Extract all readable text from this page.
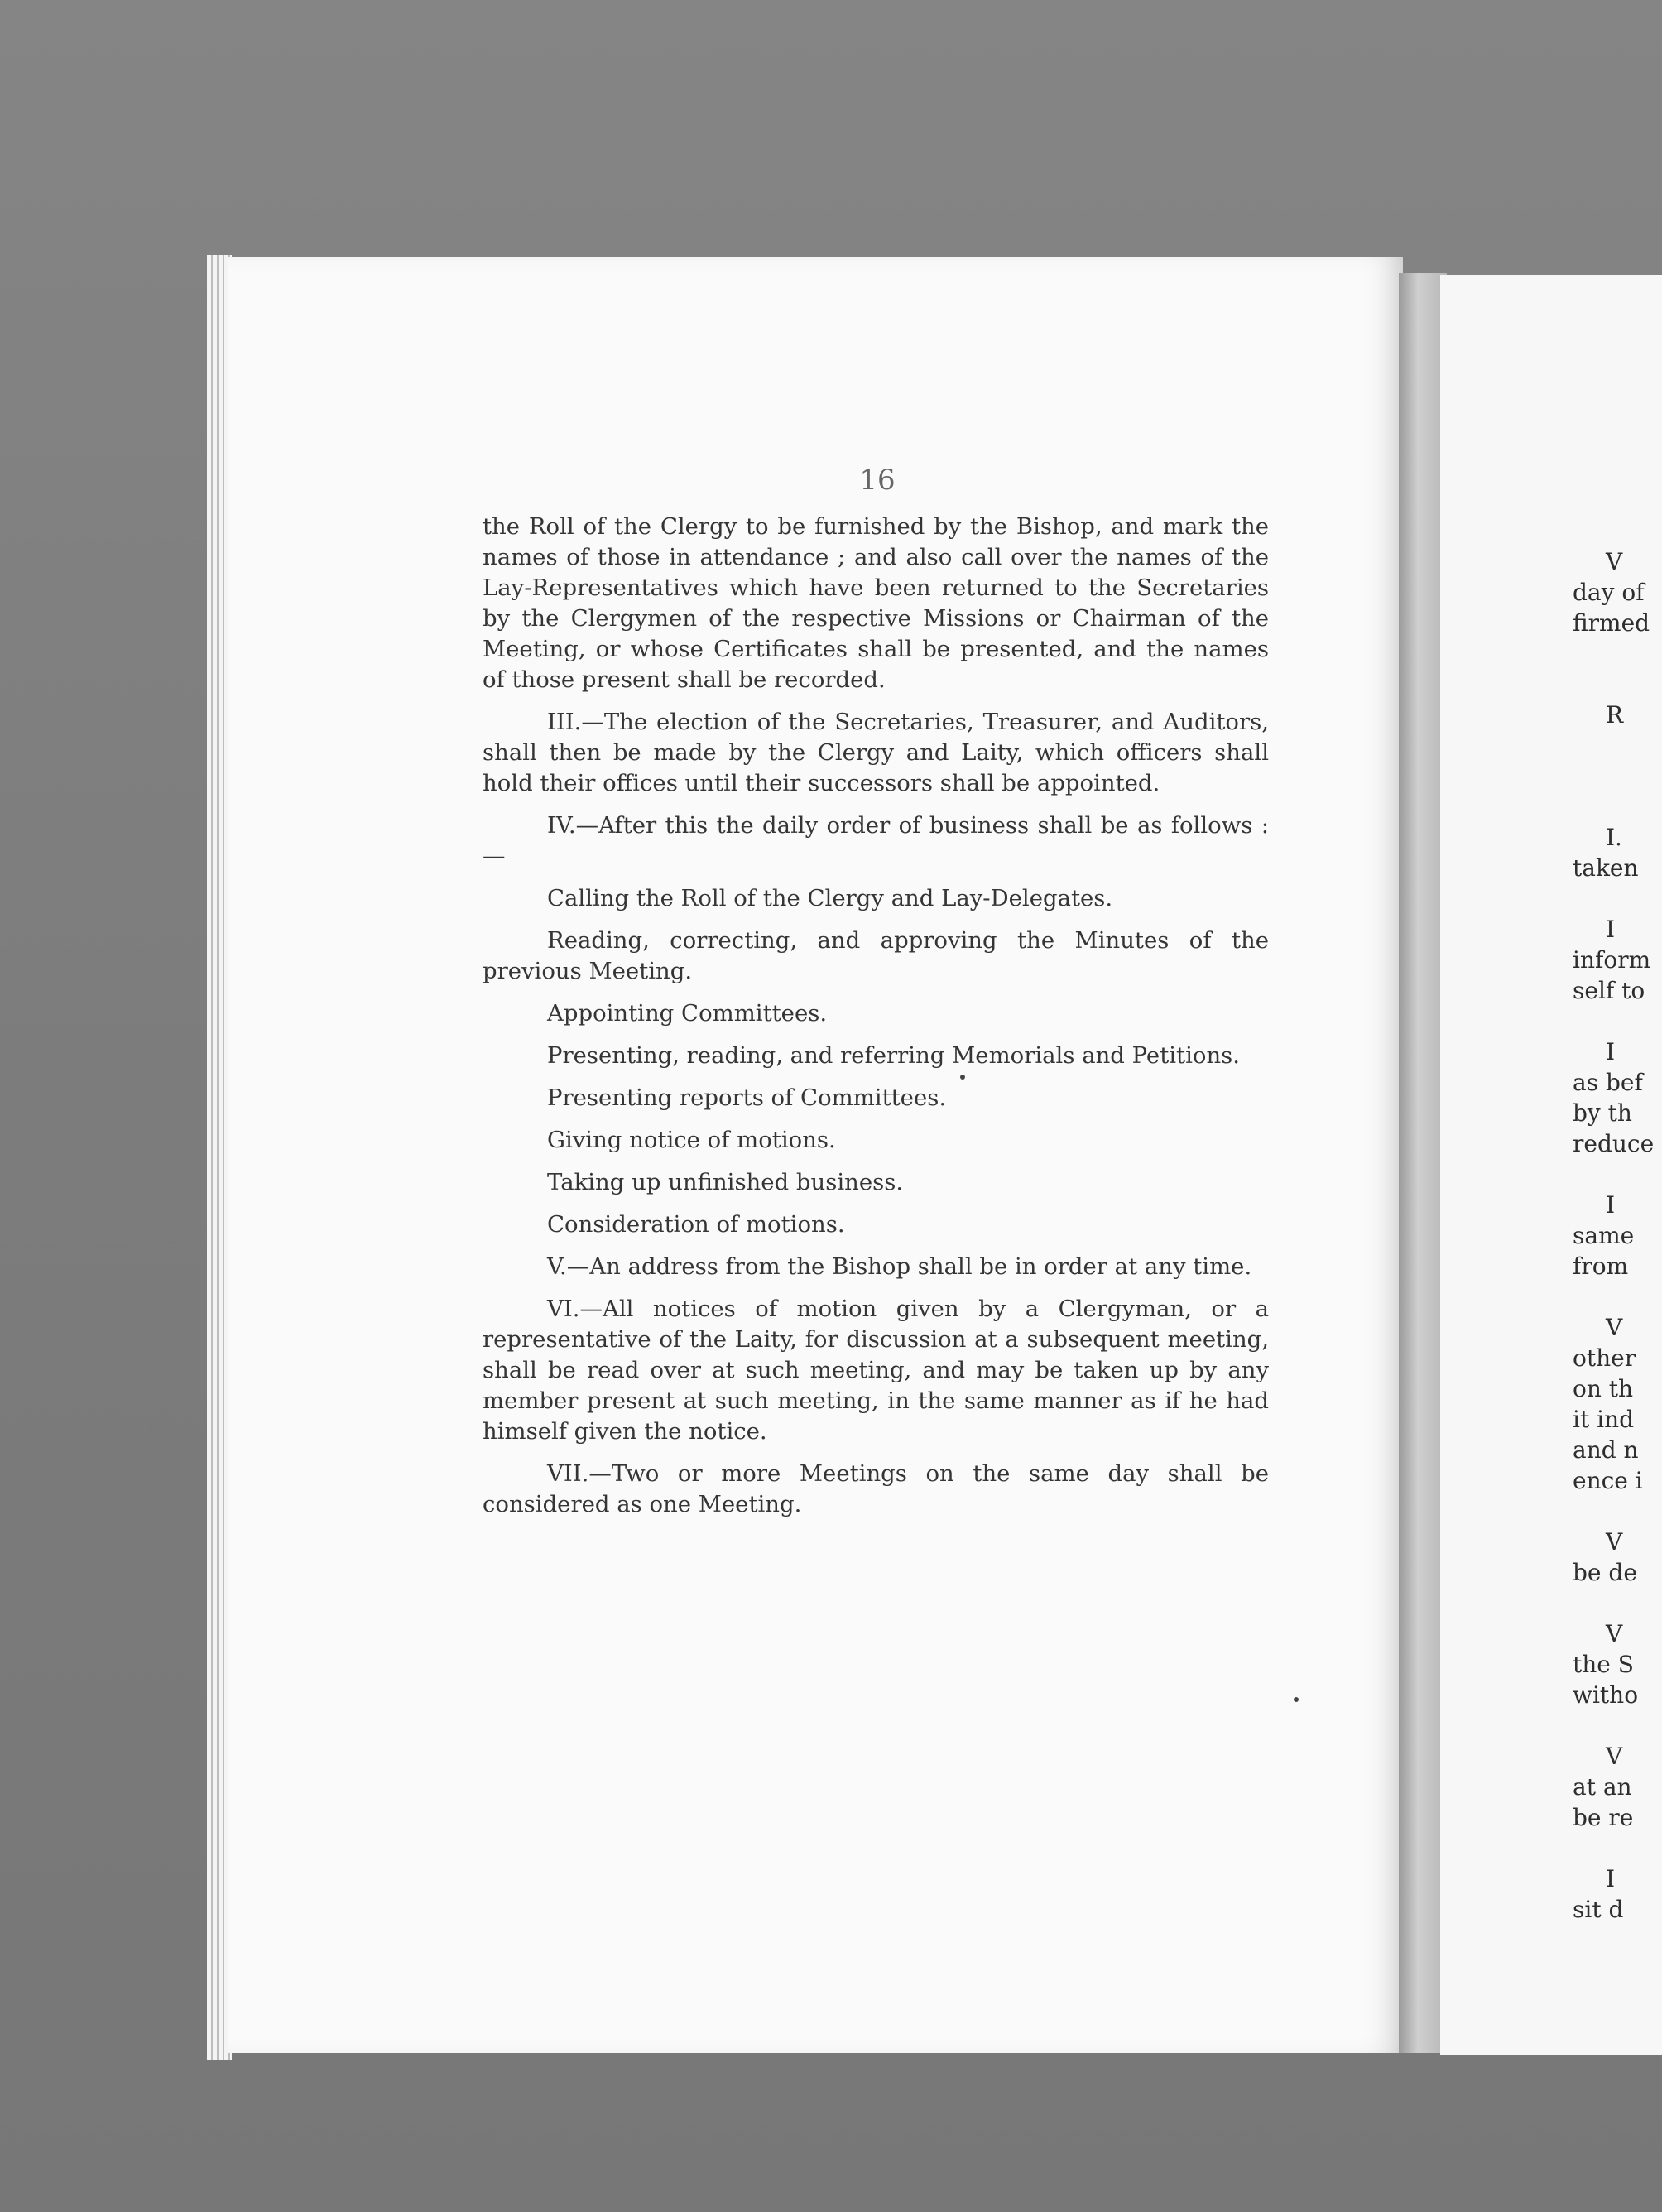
16

the Roll of the Clergy to be furnished by the Bishop, and mark the names of those in attendance ; and also call over the names of the Lay-Representatives which have been returned to the Secretaries by the Clergymen of the respective Missions or Chairman of the Meeting, or whose Certificates shall be presented, and the names of those present shall be recorded.

III.—The election of the Secretaries, Treasurer, and Auditors, shall then be made by the Clergy and Laity, which officers shall hold their offices until their successors shall be appointed.

IV.—After this the daily order of business shall be as follows :—

Calling the Roll of the Clergy and Lay-Delegates.

Reading, correcting, and approving the Minutes of the previous Meeting.

Appointing Committees.

Presenting, reading, and referring Memorials and Petitions.

Presenting reports of Committees.

Giving notice of motions.

Taking up unfinished business.

Consideration of motions.

V.—An address from the Bishop shall be in order at any time.

VI.—All notices of motion given by a Clergyman, or a representative of the Laity, for discussion at a subsequent meeting, shall be read over at such meeting, and may be taken up by any member present at such meeting, in the same manner as if he had himself given the notice.

VII.—Two or more Meetings on the same day shall be considered as one Meeting.

V
day of
firmed
R
I.
taken
I
inform
self to
I
as bef
by th
reduce
I
same
from
V
other
on th
it ind
and n
ence i
V
be de
V
the S
witho
V
at an
be re
I
sit d
